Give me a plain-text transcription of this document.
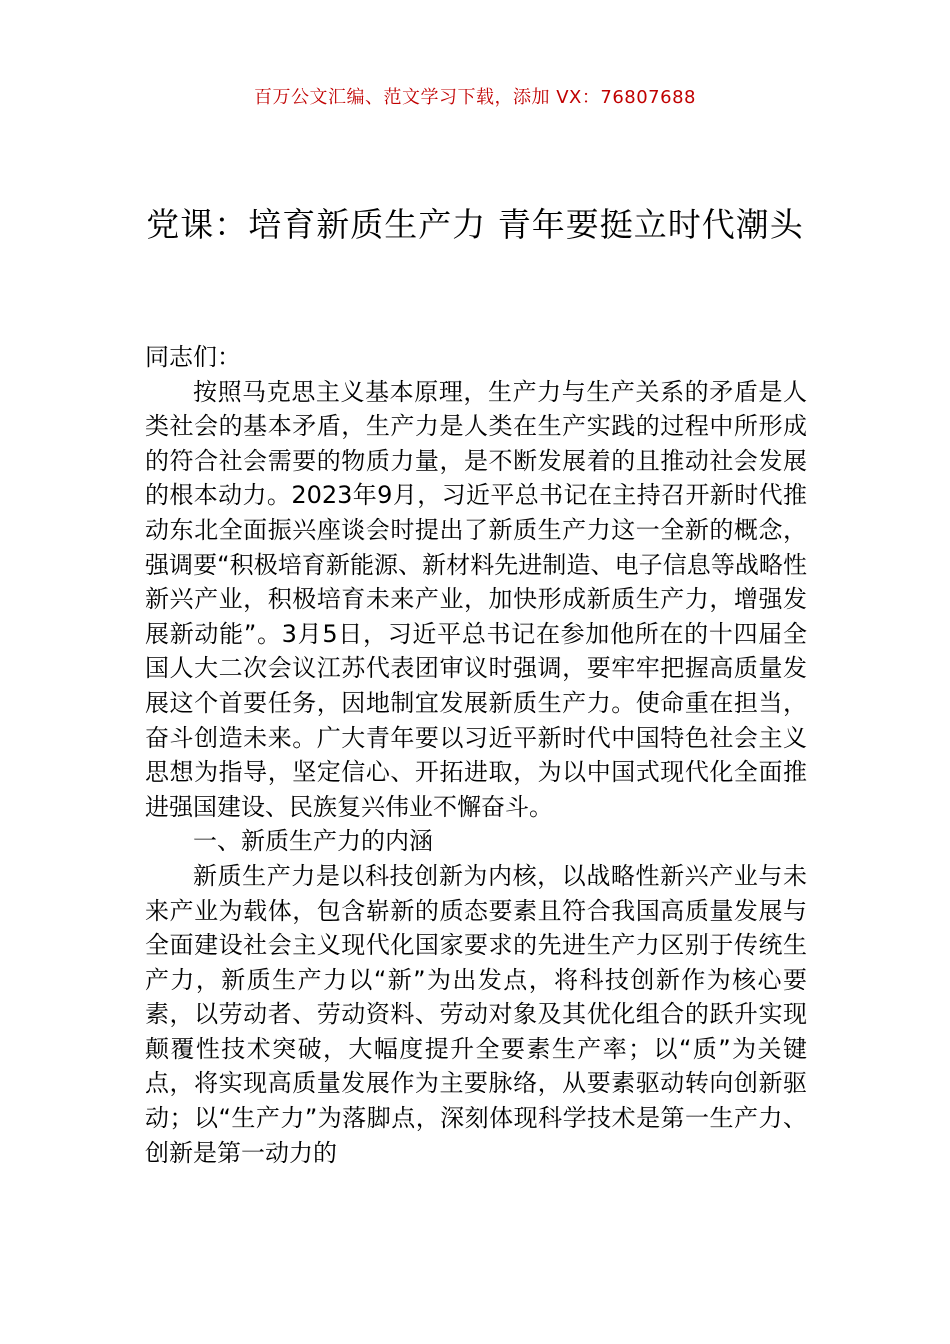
百万公文汇编、范文学习下载，添加 VX：76807688
党课：培育新质生产力 青年要挺立时代潮头

同志们：

按照马克思主义基本原理，生产力与生产关系的矛盾是人类社会的基本矛盾，生产力是人类在生产实践的过程中所形成的符合社会需要的物质力量，是不断发展着的且推动社会发展的根本动力。2023年9月，习近平总书记在主持召开新时代推动东北全面振兴座谈会时提出了新质生产力这一全新的概念，强调要“积极培育新能源、新材料先进制造、电子信息等战略性新兴产业，积极培育未来产业，加快形成新质生产力，增强发展新动能”。3月5日，习近平总书记在参加他所在的十四届全国人大二次会议江苏代表团审议时强调，要牢牢把握高质量发展这个首要任务，因地制宜发展新质生产力。使命重在担当，奋斗创造未来。广大青年要以习近平新时代中国特色社会主义思想为指导，坚定信心、开拓进取，为以中国式现代化全面推进强国建设、民族复兴伟业不懈奋斗。

一、新质生产力的内涵

新质生产力是以科技创新为内核，以战略性新兴产业与未来产业为载体，包含崭新的质态要素且符合我国高质量发展与全面建设社会主义现代化国家要求的先进生产力区别于传统生产力，新质生产力以“新”为出发点，将科技创新作为核心要素，以劳动者、劳动资料、劳动对象及其优化组合的跃升实现颠覆性技术突破，大幅度提升全要素生产率；以“质”为关键点，将实现高质量发展作为主要脉络，从要素驱动转向创新驱动；以“生产力”为落脚点，深刻体现科学技术是第一生产力、创新是第一动力的
